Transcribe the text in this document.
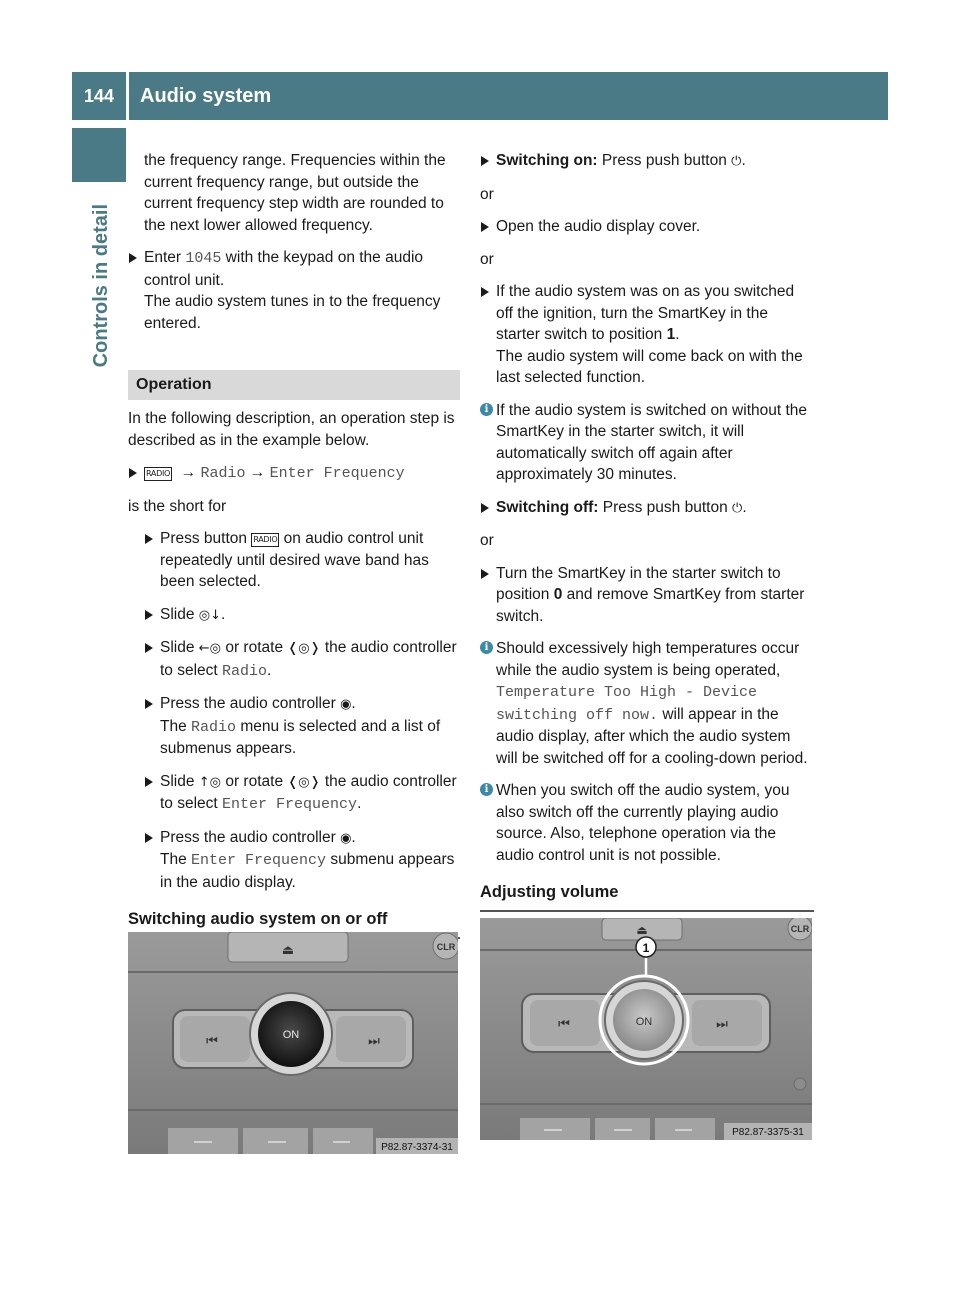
144	Audio system
Controls in detail

the frequency range. Frequencies within the current frequency range, but outside the current frequency step width are rounded to the next lower allowed frequency.

Enter 1045 with the keypad on the audio control unit.
The audio system tunes in to the frequency entered.
Operation

In the following description, an operation step is described as in the example below.

RADIO → Radio → Enter Frequency

is the short for

Press button RADIO on audio control unit repeatedly until desired wave band has been selected.
Slide ◎↓.
Slide ←◎ or rotate ❬◎❭ the audio controller to select Radio.
Press the audio controller ◉.
The Radio menu is selected and a list of submenus appears.
Slide ↑◎ or rotate ❬◎❭ the audio controller to select Enter Frequency.
Press the audio controller ◉.
The Enter Frequency submenu appears in the audio display.
Switching audio system on or off
⏏	CLR
⏮	⏭
ON
P82.87-3374-31
Switching on: Press push button ⏻.

or

Open the audio display cover.

or

If the audio system was on as you switched off the ignition, turn the SmartKey in the starter switch to position 1.
The audio system will come back on with the last selected function.
i If the audio system is switched on without the SmartKey in the starter switch, it will automatically switch off again after approximately 30 minutes.
Switching off: Press push button ⏻.

or

Turn the SmartKey in the starter switch to position 0 and remove SmartKey from starter switch.
i Should excessively high temperatures occur while the audio system is being operated, Temperature Too High - Device switching off now. will appear in the audio display, after which the audio system will be switched off for a cooling-down period.
i When you switch off the audio system, you also switch off the currently playing audio source. Also, telephone operation via the audio control unit is not possible.
Adjusting volume
⏏	CLR
⏮	⏭
ON
1
P82.87-3375-31
